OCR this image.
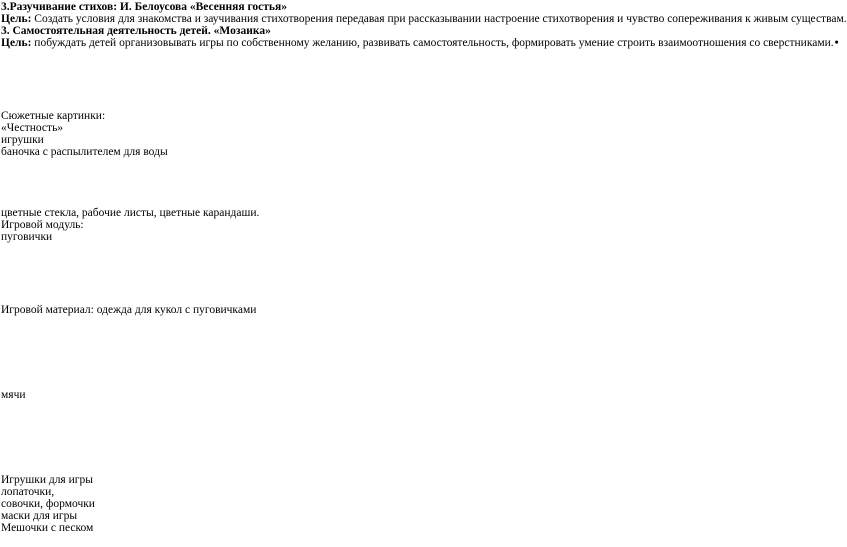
3.Разучивание стихов: И. Белоусова «Весенняя гостья»
Цель: Создать условия для знакомства и заучивания стихотворения передавая при рассказывании настроение стихотворения и чувство сопереживания к живым существам.
3. Самостоятельная деятельность детей. «Мозаика»
Цель: побуждать детей организовывать игры по собственному желанию, развивать самостоятельность, формировать умение строить взаимоотношения со сверстниками.•
Сюжетные картинки:
«Честность»
игрушки
баночка с распылителем для воды
цветные стекла, рабочие листы, цветные карандаши.
Игровой модуль:
пуговички
Игровой материал: одежда для кукол с пуговичками
мячи
Игрушки для игры
лопаточки,
совочки, формочки
маски для игры
Мешочки с песком
